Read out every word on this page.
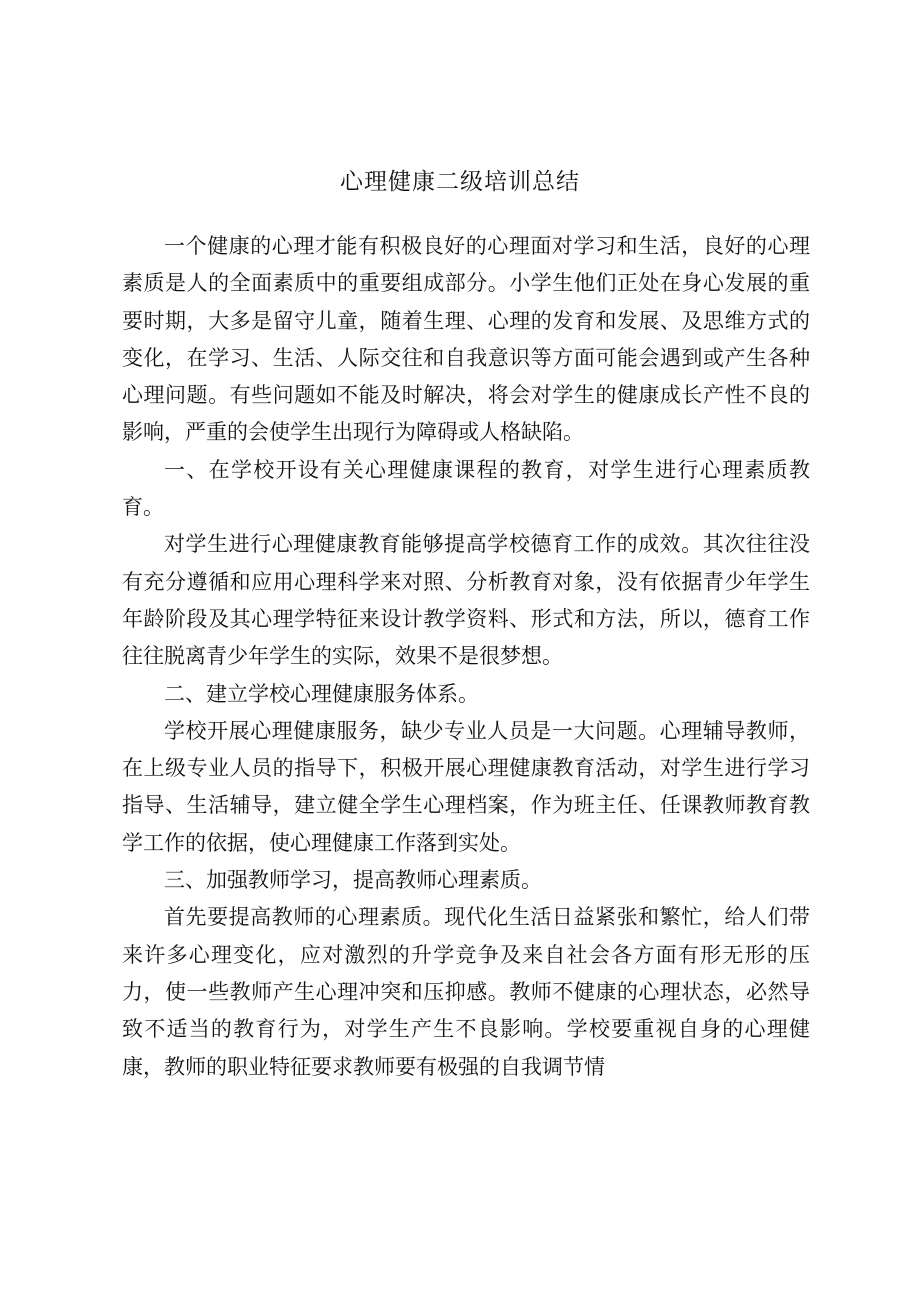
心理健康二级培训总结

一个健康的心理才能有积极良好的心理面对学习和生活，良好的心理素质是人的全面素质中的重要组成部分。小学生他们正处在身心发展的重要时期，大多是留守儿童，随着生理、心理的发育和发展、及思维方式的变化，在学习、生活、人际交往和自我意识等方面可能会遇到或产生各种心理问题。有些问题如不能及时解决，将会对学生的健康成长产性不良的影响，严重的会使学生出现行为障碍或人格缺陷。

一、在学校开设有关心理健康课程的教育，对学生进行心理素质教育。

对学生进行心理健康教育能够提高学校德育工作的成效。其次往往没有充分遵循和应用心理科学来对照、分析教育对象，没有依据青少年学生年龄阶段及其心理学特征来设计教学资料、形式和方法，所以，德育工作往往脱离青少年学生的实际，效果不是很梦想。

二、建立学校心理健康服务体系。

学校开展心理健康服务，缺少专业人员是一大问题。心理辅导教师，在上级专业人员的指导下，积极开展心理健康教育活动，对学生进行学习指导、生活辅导，建立健全学生心理档案，作为班主任、任课教师教育教学工作的依据，使心理健康工作落到实处。

三、加强教师学习，提高教师心理素质。

首先要提高教师的心理素质。现代化生活日益紧张和繁忙，给人们带来许多心理变化，应对激烈的升学竞争及来自社会各方面有形无形的压力，使一些教师产生心理冲突和压抑感。教师不健康的心理状态，必然导致不适当的教育行为，对学生产生不良影响。学校要重视自身的心理健康，教师的职业特征要求教师要有极强的自我调节情
